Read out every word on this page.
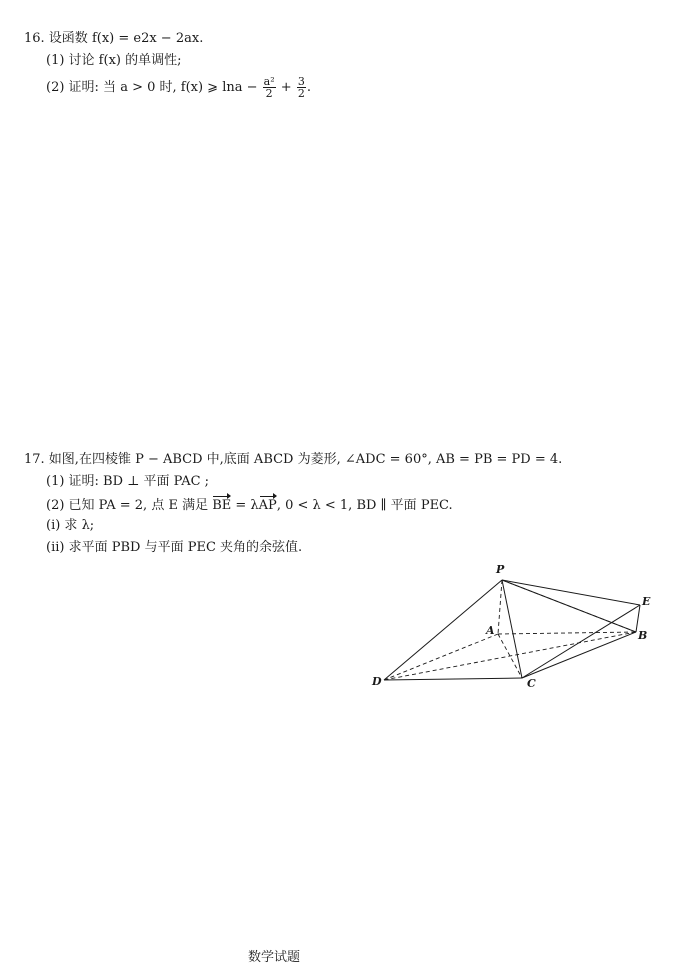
16. 设函数 f(x) = e2x − 2ax.
(1) 讨论 f(x) 的单调性;
(2) 证明: 当 a > 0 时, f(x) ⩾ $\ln a - \frac{\text{a²}}{2} + \frac{3}{2}$ .
17. 如图,在四棱锥 P − ABCD 中,底面 ABCD 为菱形, ∠ADC = 60°, AB = PB = PD = 4.
(1) 证明: BD ⊥ 平面 PAC ;
(2) 已知 PA = 2, 点 E 满足 BE = λAP, 0 < λ < 1, BD ∥ 平面 PEC.
(i) 求 λ;
(ii) 求平面 PBD 与平面 PEC 夹角的余弦值.
P
E
A	B
D	C
数学试题
